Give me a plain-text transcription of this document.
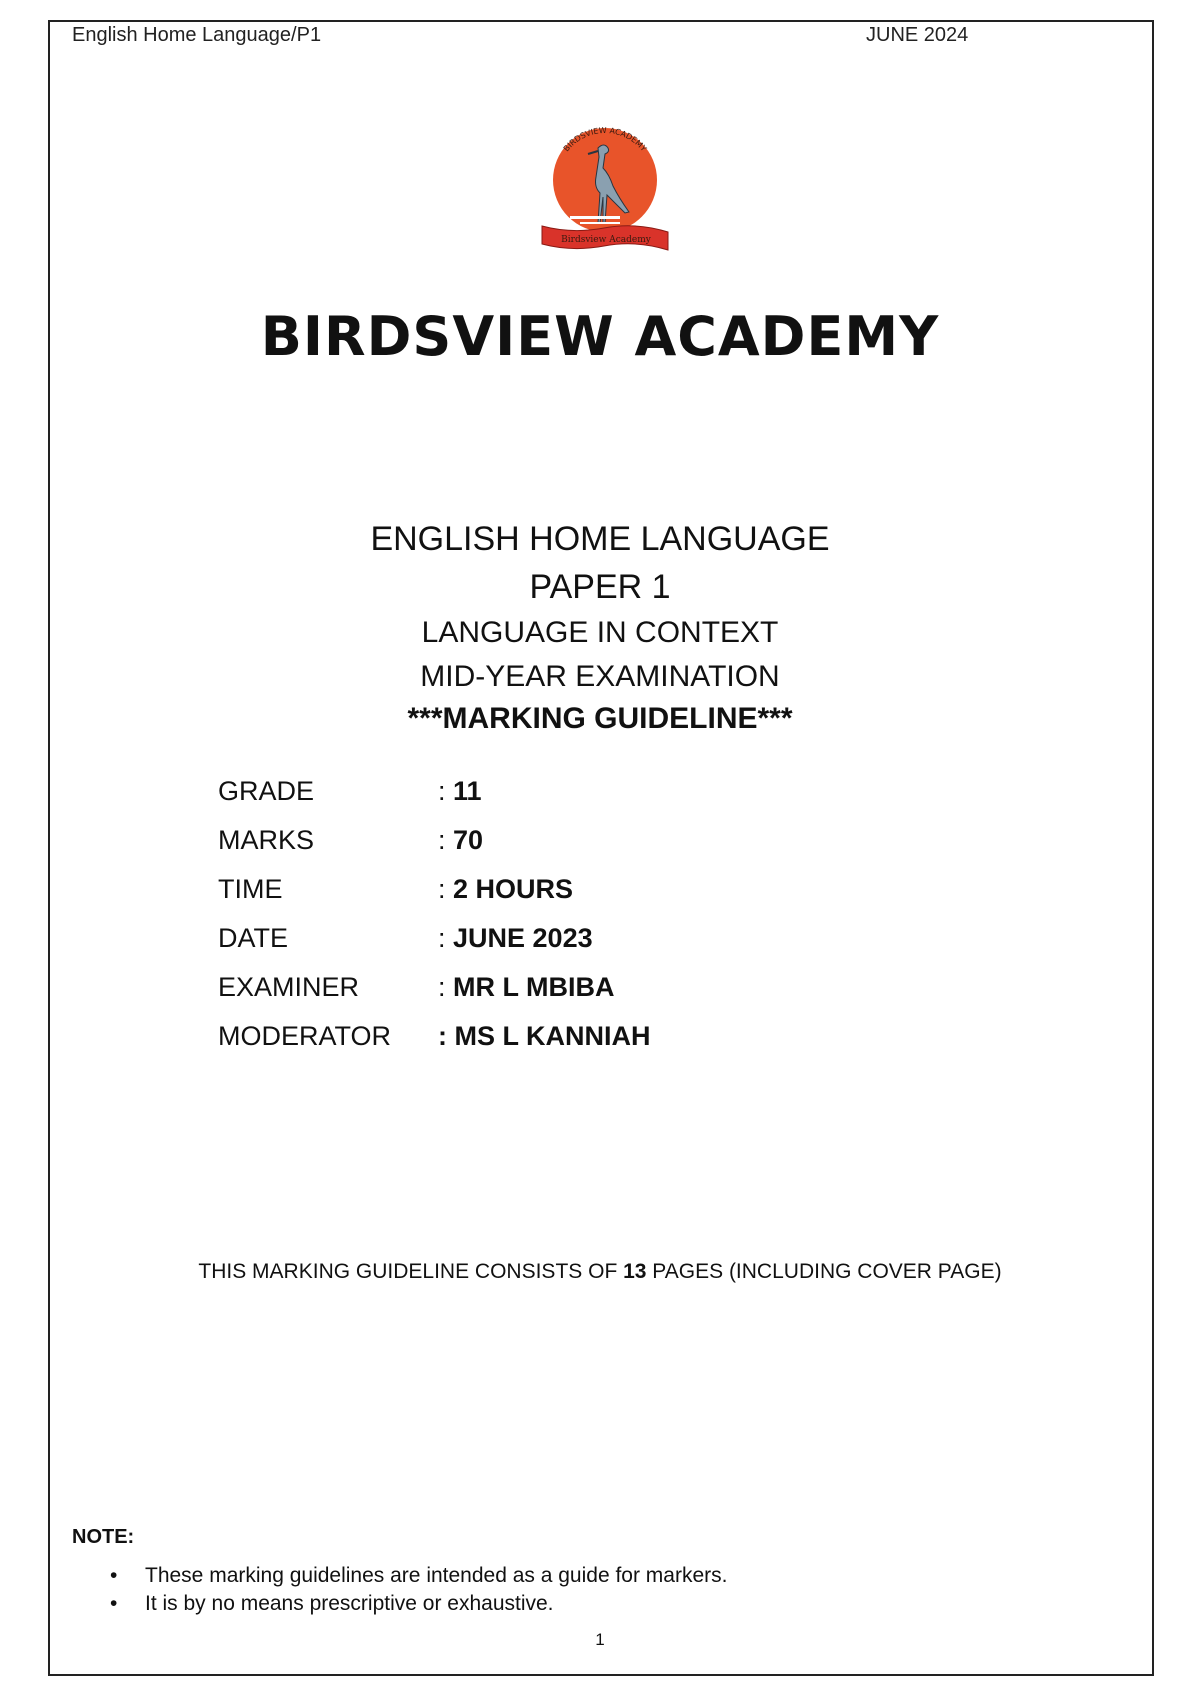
English Home Language/P1	JUNE 2024
BIRDSVIEW ACADEMY
Birdsview Academy
BIRDSVIEW ACADEMY
ENGLISH HOME LANGUAGE
PAPER 1
LANGUAGE IN CONTEXT
MID-YEAR EXAMINATION
***MARKING GUIDELINE***
GRADE	: 11
MARKS	: 70
TIME	: 2 HOURS
DATE	: JUNE 2023
EXAMINER	: MR L MBIBA
MODERATOR : MS L KANNIAH
THIS MARKING GUIDELINE CONSISTS OF 13 PAGES (INCLUDING COVER PAGE)
NOTE:
• These marking guidelines are intended as a guide for markers.
• It is by no means prescriptive or exhaustive.
1
